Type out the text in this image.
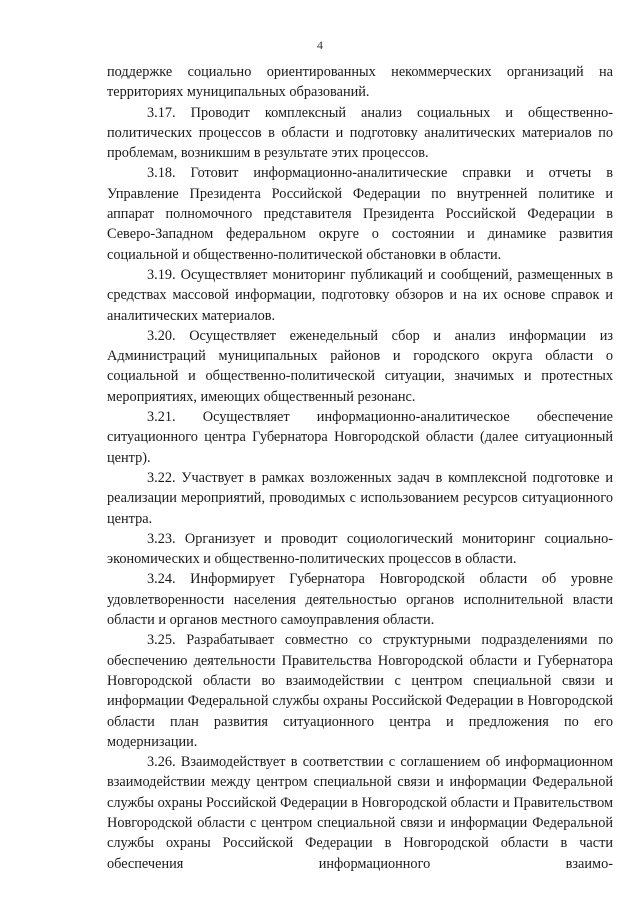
4

поддержке социально ориентированных некоммерческих организаций на территориях муниципальных образований.

3.17. Проводит комплексный анализ социальных и общественно-политических процессов в области и подготовку аналитических материалов по проблемам, возникшим в результате этих процессов.

3.18. Готовит информационно-аналитические справки и отчеты в Управление Президента Российской Федерации по внутренней политике и аппарат полномочного представителя Президента Российской Федерации в Северо-Западном федеральном округе о состоянии и динамике развития социальной и общественно-политической обстановки в области.

3.19. Осуществляет мониторинг публикаций и сообщений, размещенных в средствах массовой информации, подготовку обзоров и на их основе справок и аналитических материалов.

3.20. Осуществляет еженедельный сбор и анализ информации из Администраций муниципальных районов и городского округа области о социальной и общественно-политической ситуации, значимых и протестных мероприятиях, имеющих общественный резонанс.

3.21. Осуществляет информационно-аналитическое обеспечение ситуационного центра Губернатора Новгородской области (далее ситуационный центр).

3.22. Участвует в рамках возложенных задач в комплексной подготовке и реализации мероприятий, проводимых с использованием ресурсов ситуационного центра.

3.23. Организует и проводит социологический мониторинг социально-экономических и общественно-политических процессов в области.

3.24. Информирует Губернатора Новгородской области об уровне удовлетворенности населения деятельностью органов исполнительной власти области и органов местного самоуправления области.

3.25. Разрабатывает совместно со структурными подразделениями по обеспечению деятельности Правительства Новгородской области и Губернатора Новгородской области во взаимодействии с центром специальной связи и информации Федеральной службы охраны Российской Федерации в Новгородской области план развития ситуационного центра и предложения по его модернизации.

3.26. Взаимодействует в соответствии с соглашением об информационном взаимодействии между центром специальной связи и информации Федеральной службы охраны Российской Федерации в Новгородской области и Правительством Новгородской области с центром специальной связи и информации Федеральной службы охраны Российской Федерации в Новгородской области в части обеспечения информационного взаимо-
